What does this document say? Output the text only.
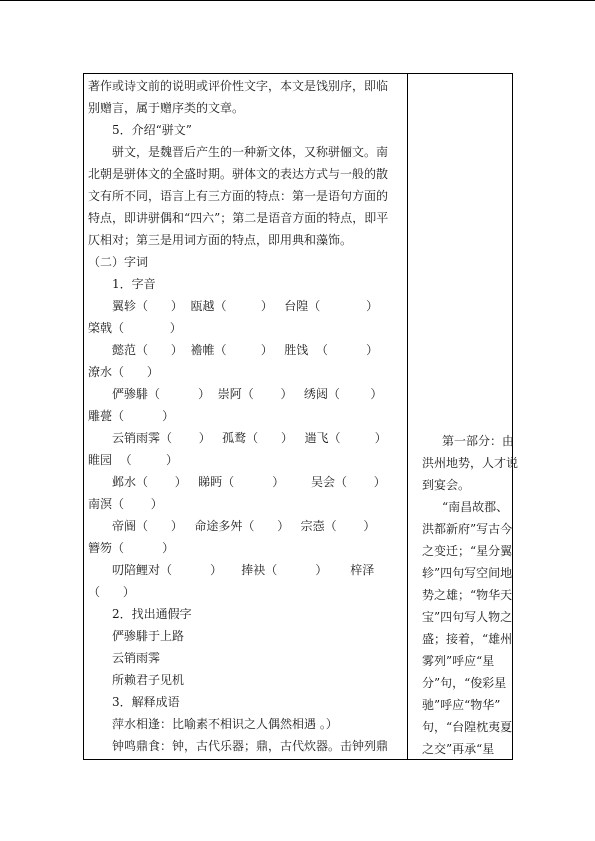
著作或诗文前的说明或评价性文字，本文是饯别序，即临
别赠言，属于赠序类的文章。
5．介绍“骈文”
骈文，是魏晋后产生的一种新文体，又称骈俪文。南
北朝是骈体文的全盛时期。骈体文的表达方式与一般的散
文有所不同，语言上有三方面的特点：第一是语句方面的
特点，即讲骈偶和“四六”；第二是语音方面的特点，即平
仄相对；第三是用词方面的特点，即用典和藻饰。
（二）字词
1．字音
翼轸（      ）  瓯越（         ）   台隍（            ）
棨戟（            ）
懿范（      ）  襜帷（         ）   胜饯  （          ）
潦水（      ）
俨骖騑（          ）  崇阿（       ）   绣闼（        ）
雕甍（          ）
云销雨霁（       ）   孤鹜（      ）   遄飞（         ）
睢园  （         ）
邺水（       ）   睇眄（          ）       吴会（       ）
南溟（       ）
帝阍（      ）   命途多舛（      ）   宗悫（       ）
簪笏（          ）
叨陪鲤对（          ）     捧袂（          ）      梓泽
（      ）
2．找出通假字
俨骖騑于上路
云销雨霁
所赖君子见机
3．解释成语
萍水相逢：比喻素不相识之人偶然相遇 。）
钟鸣鼎食：钟，古代乐器；鼎，古代炊器。击钟列鼎
第一部分：由
洪州地势，人才说
到宴会。
“南昌故郡、
洪都新府”写古今
之变迁；“星分翼
轸”四句写空间地
势之雄；“物华天
宝”四句写人物之
盛；接着，“雄州
雾列”呼应“星
分”句，“俊彩星
驰”呼应“物华”
句，“台隍枕夷夏
之交”再承“星
